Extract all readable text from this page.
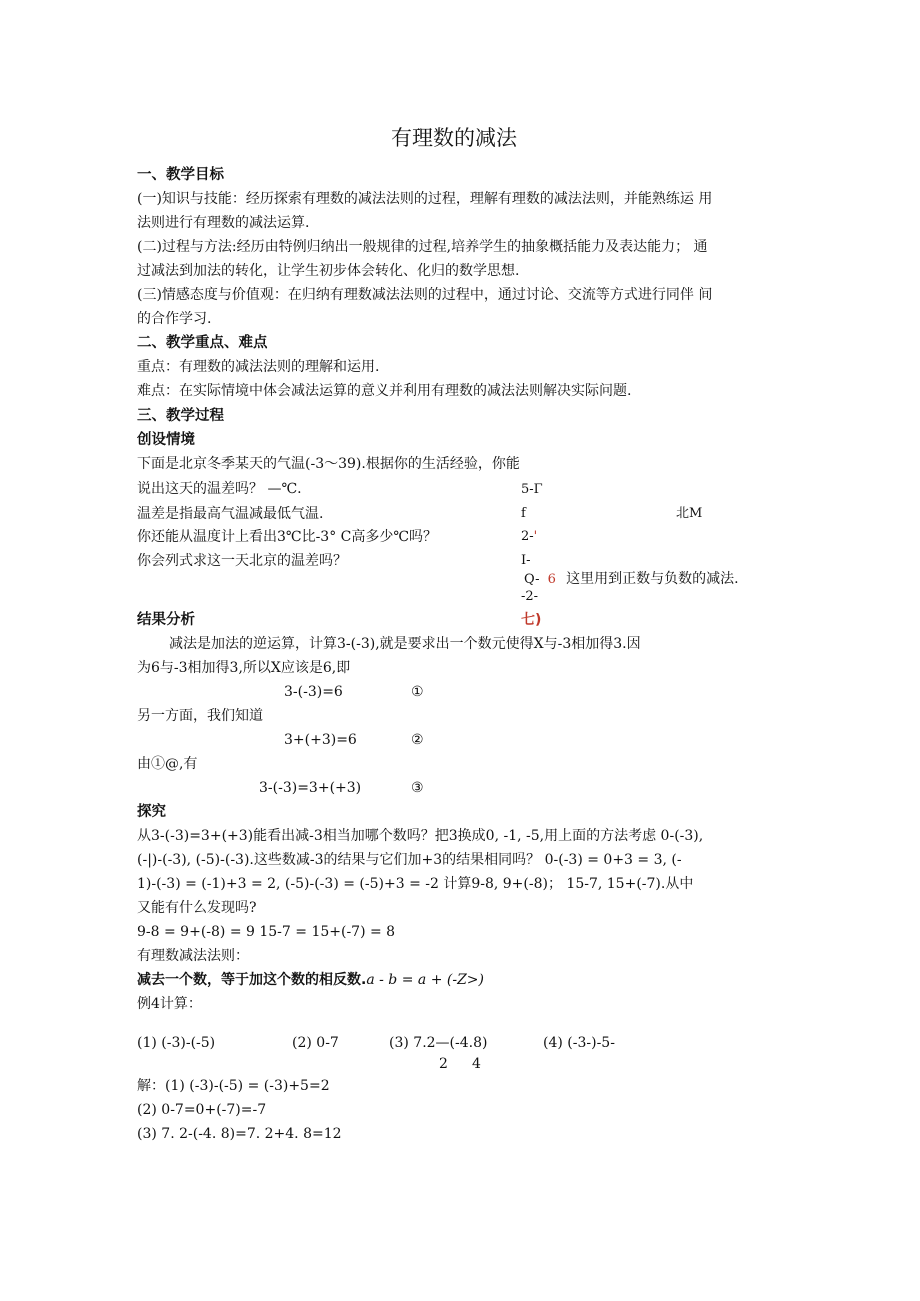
有理数的减法
一、教学目标
(一)知识与技能：经历探索有理数的减法法则的过程，理解有理数的减法法则，并能熟练运 用
法则进行有理数的减法运算.
(二)过程与方法:经历由特例归纳出一般规律的过程,培养学生的抽象概括能力及表达能力； 通
过减法到加法的转化，让学生初步体会转化、化归的数学思想.
(三)情感态度与价值观：在归纳有理数减法法则的过程中，通过讨论、交流等方式进行同伴 间
的合作学习.
二、教学重点、难点
重点：有理数的减法法则的理解和运用.
难点：在实际情境中体会减法运算的意义并利用有理数的减法法则解决实际问题.
三、教学过程
创设情境
下面是北京冬季某天的气温(-3～39).根据你的生活经验，你能
说出这天的温差吗？ —℃.
温差是指最高气温减最低气温.
你还能从温度计上看出3℃比-3° C高多少℃吗？
你会列式求这一天北京的温差吗？
5-Γ
f	北M
2-'
I-
Q- 6 这里用到正数与负数的减法.
-2-
七)
结果分析
减法是加法的逆运算，计算3-(-3),就是要求出一个数元使得X与-3相加得3.因
为6与-3相加得3,所以X应该是6,即
3-(-3)=6	①
另一方面，我们知道
3+(+3)=6	②
由①@,有
3-(-3)=3+(+3)	③
探究
从3-(-3)=3+(+3)能看出减-3相当加哪个数吗？把3换成0, -1, -5,用上面的方法考虑 0-(-3),
(-|)-(-3), (-5)-(-3).这些数减-3的结果与它们加+3的结果相同吗？ 0-(-3) = 0+3 = 3, (-
1)-(-3) = (-1)+3 = 2, (-5)-(-3) = (-5)+3 = -2 计算9-8, 9+(-8)； 15-7, 15+(-7).从中
又能有什么发现吗?
9-8 = 9+(-8) = 9 15-7 = 15+(-7) = 8
有理数减法法则：
减去一个数，等于加这个数的相反数.a - b = a + (-Z>)
例4计算：
(1) (-3)-(-5)	(2) 0-7	(3) 7.2—(-4.8)	(4) (-3-)-5-
2 4
解：(1) (-3)-(-5) = (-3)+5=2
(2) 0-7=0+(-7)=-7
(3) 7. 2-(-4. 8)=7. 2+4. 8=12
